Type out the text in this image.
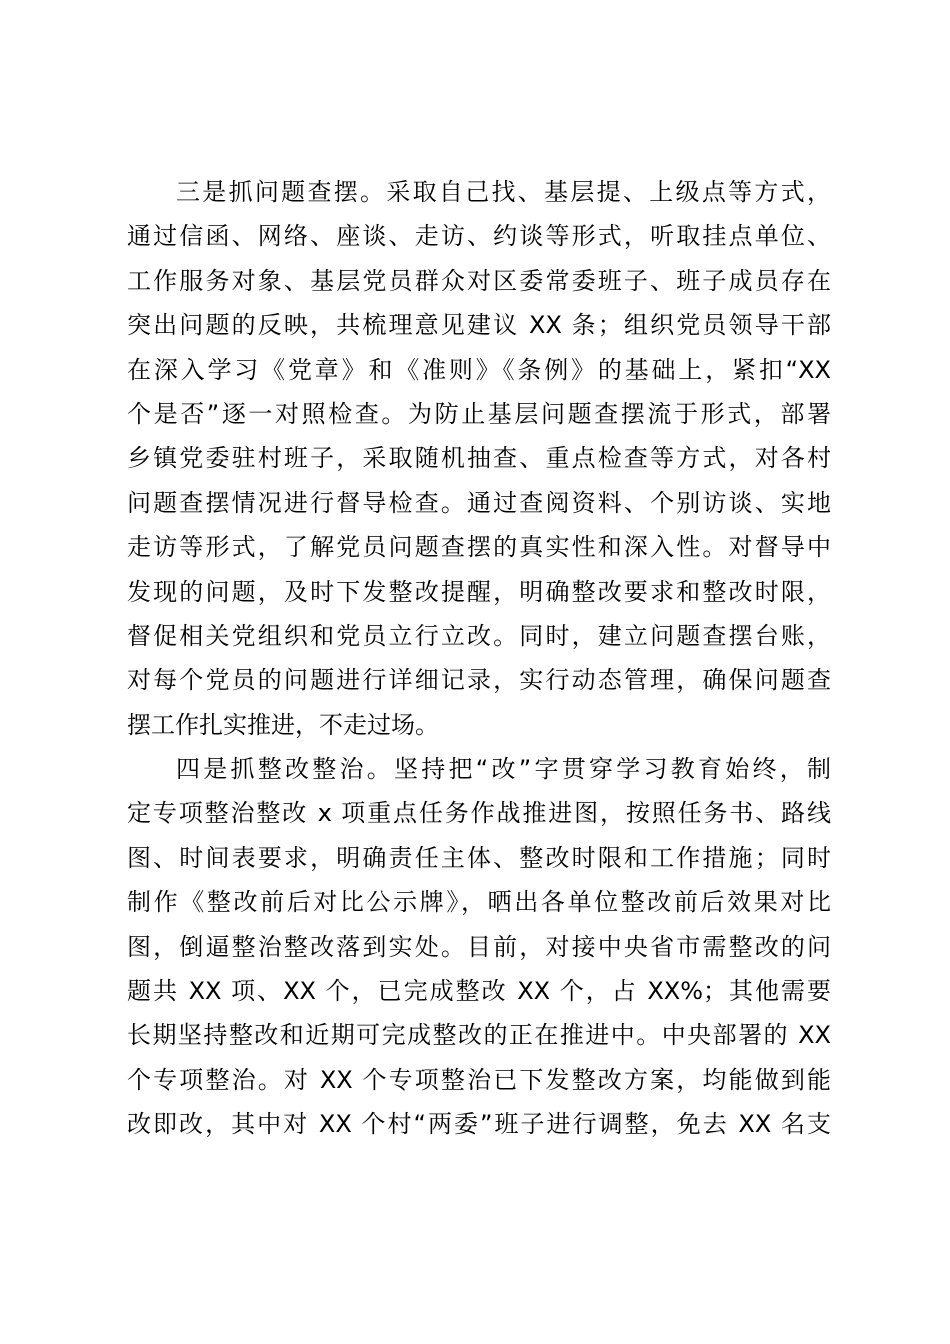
三是抓问题查摆。采取自己找、基层提、上级点等方式，
通过信函、网络、座谈、走访、约谈等形式，听取挂点单位、
工作服务对象、基层党员群众对区委常委班子、班子成员存在
突出问题的反映，共梳理意见建议 XX 条；组织党员领导干部
在深入学习《党章》和《准则》《条例》的基础上，紧扣“XX
个是否”逐一对照检查。为防止基层问题查摆流于形式，部署
乡镇党委驻村班子，采取随机抽查、重点检查等方式，对各村
问题查摆情况进行督导检查。通过查阅资料、个别访谈、实地
走访等形式，了解党员问题查摆的真实性和深入性。对督导中
发现的问题，及时下发整改提醒，明确整改要求和整改时限，
督促相关党组织和党员立行立改。同时，建立问题查摆台账，
对每个党员的问题进行详细记录，实行动态管理，确保问题查
摆工作扎实推进，不走过场。
四是抓整改整治。坚持把“改”字贯穿学习教育始终，制
定专项整治整改 x 项重点任务作战推进图，按照任务书、路线
图、时间表要求，明确责任主体、整改时限和工作措施；同时
制作《整改前后对比公示牌》，晒出各单位整改前后效果对比
图，倒逼整治整改落到实处。目前，对接中央省市需整改的问
题共 XX 项、XX 个，已完成整改 XX 个，占 XX%；其他需要
长期坚持整改和近期可完成整改的正在推进中。中央部署的 XX
个专项整治。对 XX 个专项整治已下发整改方案，均能做到能
改即改，其中对 XX 个村“两委”班子进行调整，免去 XX 名支
